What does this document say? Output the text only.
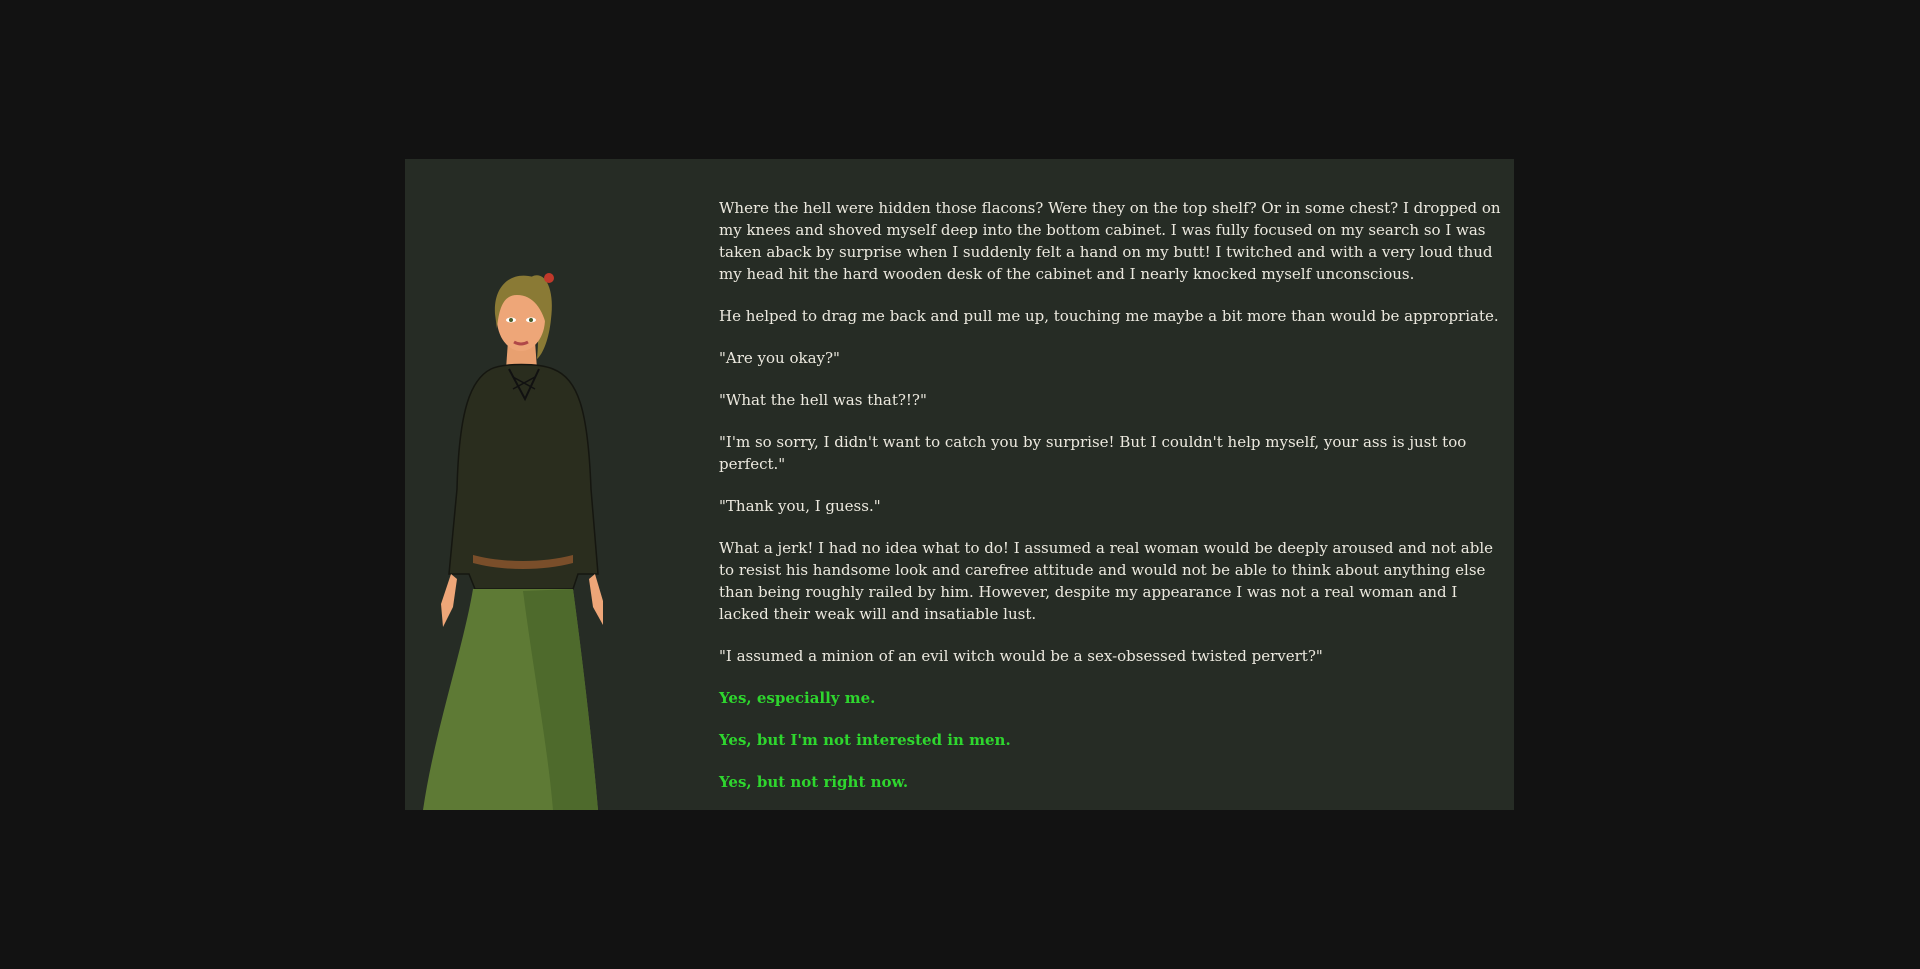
Where the hell were hidden those flacons? Were they on the top shelf? Or in some chest? I dropped on my knees and shoved myself deep into the bottom cabinet. I was fully focused on my search so I was taken aback by surprise when I suddenly felt a hand on my butt! I twitched and with a very loud thud my head hit the hard wooden desk of the cabinet and I nearly knocked myself unconscious.

He helped to drag me back and pull me up, touching me maybe a bit more than would be appropriate.

"Are you okay?"

"What the hell was that?!?"

"I'm so sorry, I didn't want to catch you by surprise! But I couldn't help myself, your ass is just too perfect."

"Thank you, I guess."

What a jerk! I had no idea what to do! I assumed a real woman would be deeply aroused and not able to resist his handsome look and carefree attitude and would not be able to think about anything else than being roughly railed by him. However, despite my appearance I was not a real woman and I lacked their weak will and insatiable lust.

"I assumed a minion of an evil witch would be a sex-obsessed twisted pervert?"

Yes, especially me.
Yes, but I'm not interested in men.
Yes, but not right now.
